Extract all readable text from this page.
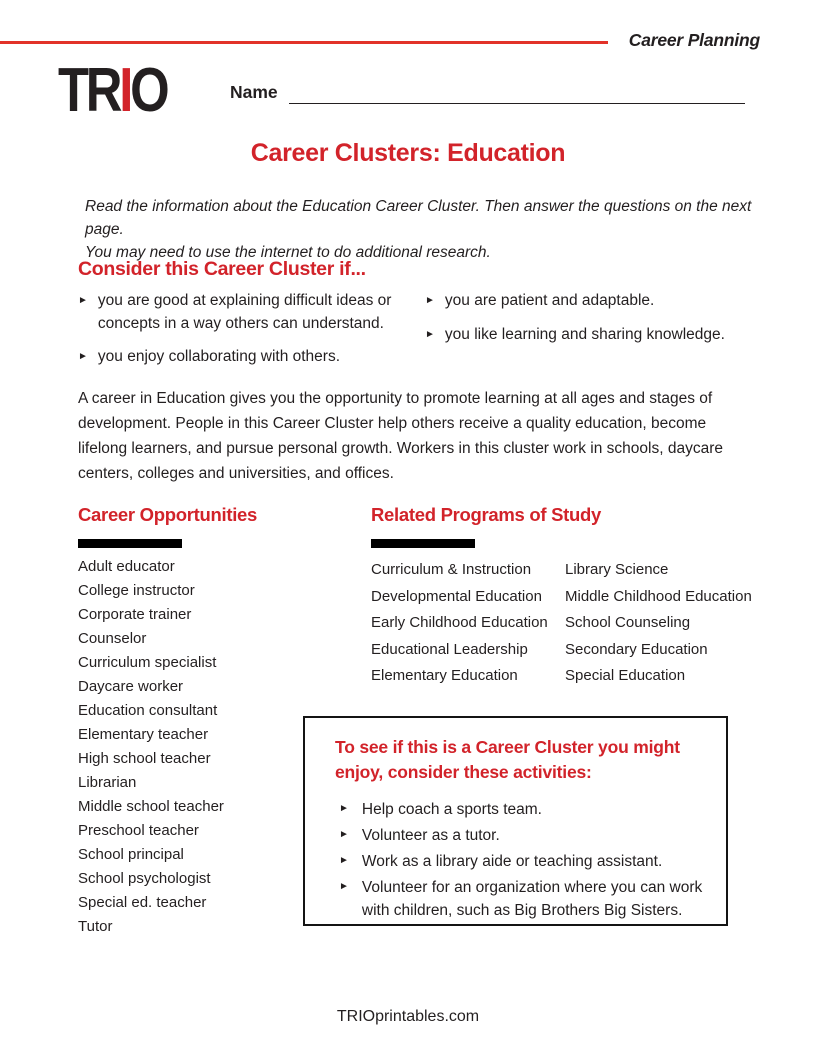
Career Planning
TRIO	Name
Career Clusters: Education
Read the information about the Education Career Cluster. Then answer the questions on the next page.
You may need to use the internet to do additional research.
Consider this Career Cluster if...
► you are good at explaining difficult ideas or concepts in a way others can understand.
► you enjoy collaborating with others.
► you are patient and adaptable.
► you like learning and sharing knowledge.

A career in Education gives you the opportunity to promote learning at all ages and stages of development. People in this Career Cluster help others receive a quality education, become lifelong learners, and pursue personal growth. Workers in this cluster work in schools, daycare centers, colleges and universities, and offices.

Career Opportunities
Adult educator
College instructor
Corporate trainer
Counselor
Curriculum specialist
Daycare worker
Education consultant
Elementary teacher
High school teacher
Librarian
Middle school teacher
Preschool teacher
School principal
School psychologist
Special ed. teacher
Tutor
Related Programs of Study
Curriculum & Instruction
Developmental Education
Early Childhood Education
Educational Leadership
Elementary Education
Library Science
Middle Childhood Education
School Counseling
Secondary Education
Special Education
To see if this is a Career Cluster you might
enjoy, consider these activities:
► Help coach a sports team.
► Volunteer as a tutor.
► Work as a library aide or teaching assistant.
► Volunteer for an organization where you can work with children, such as Big Brothers Big Sisters.
TRIOprintables.com
